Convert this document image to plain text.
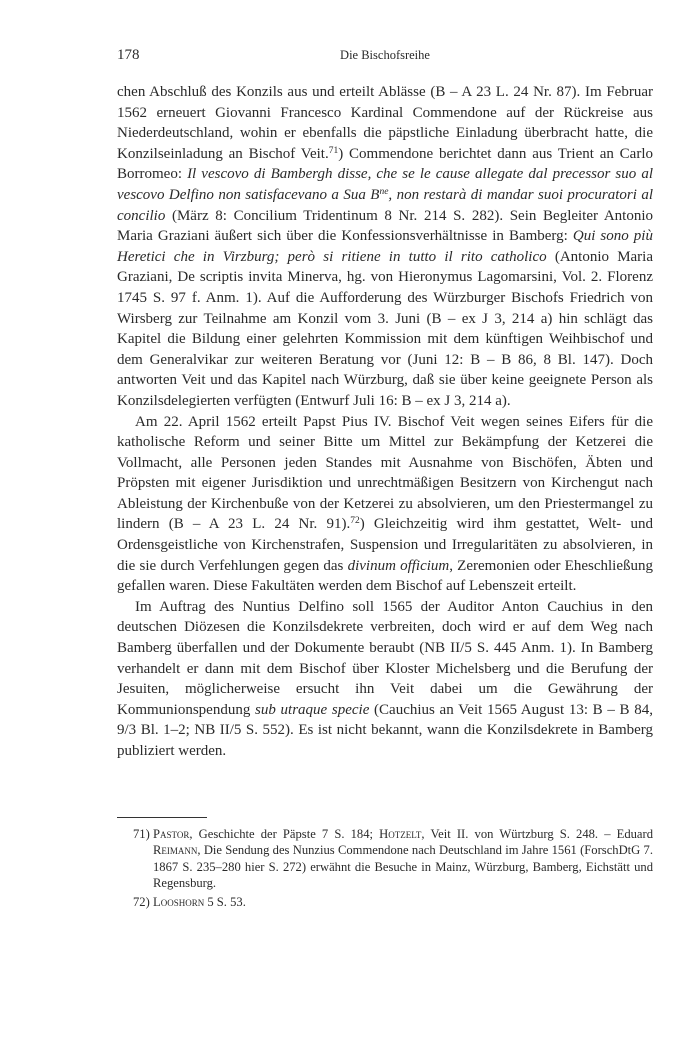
178	Die Bischofsreihe

chen Abschluß des Konzils aus und erteilt Ablässe (B – A 23 L. 24 Nr. 87). Im Februar 1562 erneuert Giovanni Francesco Kardinal Commendone auf der Rückreise aus Niederdeutschland, wohin er ebenfalls die päpstliche Einladung überbracht hatte, die Konzilseinladung an Bischof Veit.$^{71}$) Commendone berichtet dann aus Trient an Carlo Borromeo: Il vescovo di Bambergh disse, che se le cause allegate dal precessor suo al vescovo Delfino non satisfacevano a Sua $B^{ne}$, non restarà di mandar suoi procuratori al concilio (März 8: Concilium Tridentinum 8 Nr. 214 S. 282). Sein Begleiter Antonio Maria Graziani äußert sich über die Konfessionsverhältnisse in Bamberg: Qui sono più Heretici che in Virzburg; però si ritiene in tutto il rito catholico (Antonio Maria Graziani, De scriptis invita Minerva, hg. von Hieronymus Lagomarsini, Vol. 2. Florenz 1745 S. 97 f. Anm. 1). Auf die Aufforderung des Würzburger Bischofs Friedrich von Wirsberg zur Teilnahme am Konzil vom 3. Juni (B – ex J 3, 214 a) hin schlägt das Kapitel die Bildung einer gelehrten Kommission mit dem künftigen Weihbischof und dem Generalvikar zur weiteren Beratung vor (Juni 12: B – B 86, 8 Bl. 147). Doch antworten Veit und das Kapitel nach Würzburg, daß sie über keine geeignete Person als Konzilsdelegierten verfügten (Entwurf Juli 16: B – ex J 3, 214 a).

Am 22. April 1562 erteilt Papst Pius IV. Bischof Veit wegen seines Eifers für die katholische Reform und seiner Bitte um Mittel zur Bekämpfung der Ketzerei die Vollmacht, alle Personen jeden Standes mit Ausnahme von Bischöfen, Äbten und Pröpsten mit eigener Jurisdiktion und unrechtmäßigen Besitzern von Kirchengut nach Ableistung der Kirchenbuße von der Ketzerei zu absolvieren, um den Priestermangel zu lindern (B – A 23 L. 24 Nr. 91).$^{72}$) Gleichzeitig wird ihm gestattet, Welt- und Ordensgeistliche von Kirchenstrafen, Suspension und Irregularitäten zu absolvieren, in die sie durch Verfehlungen gegen das divinum officium, Zeremonien oder Eheschließung gefallen waren. Diese Fakultäten werden dem Bischof auf Lebenszeit erteilt.

Im Auftrag des Nuntius Delfino soll 1565 der Auditor Anton Cauchius in den deutschen Diözesen die Konzilsdekrete verbreiten, doch wird er auf dem Weg nach Bamberg überfallen und der Dokumente beraubt (NB II/5 S. 445 Anm. 1). In Bamberg verhandelt er dann mit dem Bischof über Kloster Michelsberg und die Berufung der Jesuiten, möglicherweise ersucht ihn Veit dabei um die Gewährung der Kommunionspendung sub utraque specie (Cauchius an Veit 1565 August 13: B – B 84, 9/3 Bl. 1–2; NB II/5 S. 552). Es ist nicht bekannt, wann die Konzilsdekrete in Bamberg publiziert werden.

71) Pastor, Geschichte der Päpste 7 S. 184; Hotzelt, Veit II. von Würtzburg S. 248. – Eduard Reimann, Die Sendung des Nunzius Commendone nach Deutschland im Jahre 1561 (ForschDtG 7. 1867 S. 235–280 hier S. 272) erwähnt die Besuche in Mainz, Würzburg, Bamberg, Eichstätt und Regensburg.
72) Looshorn 5 S. 53.
